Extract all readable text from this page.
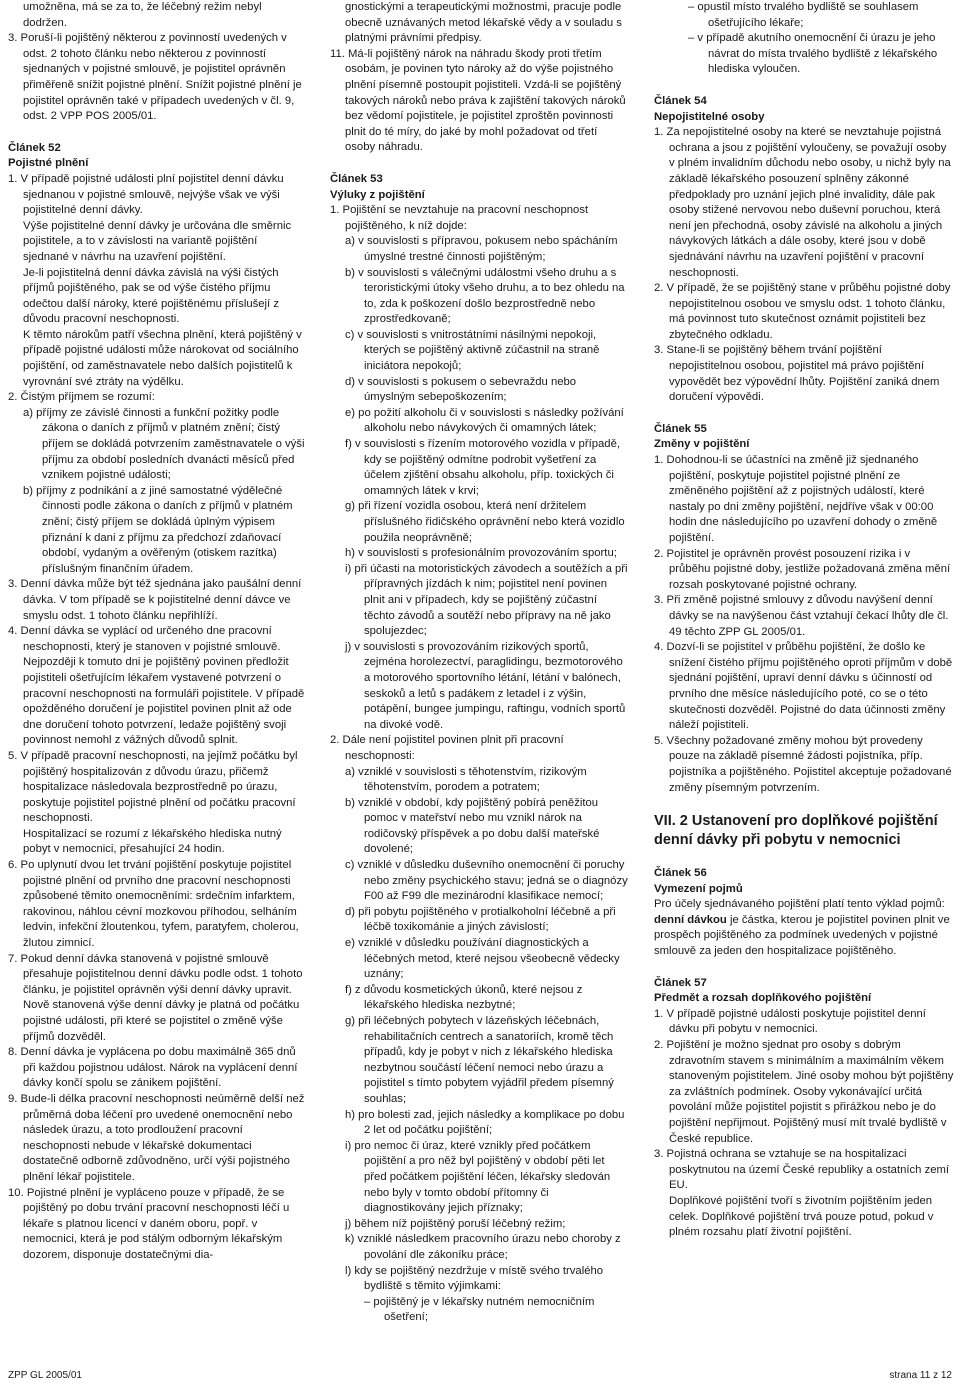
umožněna, má se za to, že léčebný režim nebyl dodržen.

3. Poruší-li pojištěný některou z povinností uvedených v odst. 2 tohoto článku nebo některou z povinností sjednaných v pojistné smlouvě, je pojistitel oprávněn přiměřeně snížit pojistné plnění. Snížit pojistné plnění je pojistitel oprávněn také v případech uvedených v čl. 9, odst. 2 VPP POS 2005/01.

Článek 52
Pojistné plnění

1. V případě pojistné události plní pojistitel denní dávku sjednanou v pojistné smlouvě, nejvýše však ve výši pojistitelné denní dávky.

Výše pojistitelné denní dávky je určována dle směrnic pojistitele, a to v závislosti na variantě pojištění sjednané v návrhu na uzavření pojištění.

Je-li pojistitelná denní dávka závislá na výši čistých příjmů pojištěného, pak se od výše čistého příjmu odečtou další nároky, které pojištěnému příslušejí z důvodu pracovní neschopnosti.

K těmto nárokům patří všechna plnění, která pojištěný v případě pojistné události může nárokovat od sociálního pojištění, od zaměstnavatele nebo dalších pojistitelů k vyrovnání své ztráty na výdělku.

2. Čistým příjmem se rozumí:

a) příjmy ze závislé činnosti a funkční požitky podle zákona o daních z příjmů v platném znění; čistý příjem se dokládá potvrzením zaměstnavatele o výši příjmu za období posledních dvanácti měsíců před vznikem pojistné události;

b) příjmy z podnikání a z jiné samostatné výdělečné činnosti podle zákona o daních z příjmů v platném znění; čistý příjem se dokládá úplným výpisem přiznání k dani z příjmu za předchozí zdaňovací období, vydaným a ověřeným (otiskem razítka) příslušným finančním úřadem.

3. Denní dávka může být též sjednána jako paušální denní dávka. V tom případě se k pojistitelné denní dávce ve smyslu odst. 1 tohoto článku nepřihlíží.

4. Denní dávka se vyplácí od určeného dne pracovní neschopnosti, který je stanoven v pojistné smlouvě. Nejpozději k tomuto dni je pojištěný povinen předložit pojistiteli ošetřujícím lékařem vystavené potvrzení o pracovní neschopnosti na formuláři pojistitele. V případě opožděného doručení je pojistitel povinen plnit až ode dne doručení tohoto potvrzení, ledaže pojištěný svoji povinnost nemohl z vážných důvodů splnit.

5. V případě pracovní neschopnosti, na jejímž počátku byl pojištěný hospitalizován z důvodu úrazu, přičemž hospitalizace následovala bezprostředně po úrazu, poskytuje pojistitel pojistné plnění od počátku pracovní neschopnosti.

Hospitalizací se rozumí z lékařského hlediska nutný pobyt v nemocnici, přesahující 24 hodin.

6. Po uplynutí dvou let trvání pojištění poskytuje pojistitel pojistné plnění od prvního dne pracovní neschopnosti způsobené těmito onemocněními: srdečním infarktem, rakovinou, náhlou cévní mozkovou příhodou, selháním ledvin, infekční žloutenkou, tyfem, paratyfem, cholerou, žlutou zimnicí.

7. Pokud denní dávka stanovená v pojistné smlouvě přesahuje pojistitelnou denní dávku podle odst. 1 tohoto článku, je pojistitel oprávněn výši denní dávky upravit. Nově stanovená výše denní dávky je platná od počátku pojistné události, při které se pojistitel o změně výše příjmů dozvěděl.

8. Denní dávka je vyplácena po dobu maximálně 365 dnů při každou pojistnou událost. Nárok na vyplácení denní dávky končí spolu se zánikem pojištění.

9. Bude-li délka pracovní neschopnosti neúměrně delší než průměrná doba léčení pro uvedené onemocnění nebo následek úrazu, a toto prodloužení pracovní neschopnosti nebude v lékařské dokumentaci dostatečně odborně zdůvodněno, určí výši pojistného plnění lékař pojistitele.

10. Pojistné plnění je vypláceno pouze v případě, že se pojištěný po dobu trvání pracovní neschopnosti léčí u lékaře s platnou licencí v daném oboru, popř. v nemocnici, která je pod stálým odborným lékařským dozorem, disponuje dostatečnými dia-

gnostickými a terapeutickými možnostmi, pracuje podle obecně uznávaných metod lékařské vědy a v souladu s platnými právními předpisy.

11. Má-li pojištěný nárok na náhradu škody proti třetím osobám, je povinen tyto nároky až do výše pojistného plnění písemně postoupit pojistiteli. Vzdá-li se pojištěný takových nároků nebo práva k zajištění takových nároků bez vědomí pojistitele, je pojistitel zproštěn povinnosti plnit do té míry, do jaké by mohl požadovat od třetí osoby náhradu.

Článek 53
Výluky z pojištění

1. Pojištění se nevztahuje na pracovní neschopnost pojištěného, k níž dojde:

a) v souvislosti s přípravou, pokusem nebo spácháním úmyslné trestné činnosti pojištěným;

b) v souvislosti s válečnými událostmi všeho druhu a s teroristickými útoky všeho druhu, a to bez ohledu na to, zda k poškození došlo bezprostředně nebo zprostředkovaně;

c) v souvislosti s vnitrostátními násilnými nepokoji, kterých se pojištěný aktivně zúčastnil na straně iniciátora nepokojů;

d) v souvislosti s pokusem o sebevraždu nebo úmyslným sebepoškozením;

e) po požití alkoholu či v souvislosti s následky požívání alkoholu nebo návykových či omamných látek;

f) v souvislosti s řízením motorového vozidla v případě, kdy se pojištěný odmítne podrobit vyšetření za účelem zjištění obsahu alkoholu, příp. toxických či omamných látek v krvi;

g) při řízení vozidla osobou, která není držitelem příslušného řidičského oprávnění nebo která vozidlo použila neoprávněně;

h) v souvislosti s profesionálním provozováním sportu;

i) při účasti na motoristických závodech a soutěžích a při přípravných jízdách k nim; pojistitel není povinen plnit ani v případech, kdy se pojištěný zúčastní těchto závodů a soutěží nebo přípravy na ně jako spolujezdec;

j) v souvislosti s provozováním rizikových sportů, zejména horolezectví, paraglidingu, bezmotorového a motorového sportovního létání, létání v balónech, seskoků a letů s padákem z letadel i z výšin, potápění, bungee jumpingu, raftingu, vodních sportů na divoké vodě.

2. Dále není pojistitel povinen plnit při pracovní neschopnosti:

a) vzniklé v souvislosti s těhotenstvím, rizikovým těhotenstvím, porodem a potratem;

b) vzniklé v období, kdy pojištěný pobírá peněžitou pomoc v mateřství nebo mu vznikl nárok na rodičovský příspěvek a po dobu další mateřské dovolené;

c) vzniklé v důsledku duševního onemocnění či poruchy nebo změny psychického stavu; jedná se o diagnózy F00 až F99 dle mezinárodní klasifikace nemocí;

d) při pobytu pojištěného v protialkoholní léčebně a při léčbě toxikománie a jiných závislostí;

e) vzniklé v důsledku používání diagnostických a léčebných metod, které nejsou všeobecně vědecky uznány;

f) z důvodu kosmetických úkonů, které nejsou z lékařského hlediska nezbytné;

g) při léčebných pobytech v lázeňských léčebnách, rehabilitačních centrech a sanatoriích, kromě těch případů, kdy je pobyt v nich z lékařského hlediska nezbytnou součástí léčení nemoci nebo úrazu a pojistitel s tímto pobytem vyjádřil předem písemný souhlas;

h) pro bolesti zad, jejich následky a komplikace po dobu 2 let od počátku pojištění;

i) pro nemoc či úraz, které vznikly před počátkem pojištění a pro něž byl pojištěný v období pěti let před počátkem pojištění léčen, lékařsky sledován nebo byly v tomto období přítomny či diagnostikovány jejich příznaky;

j) během níž pojištěný poruší léčebný režim;

k) vzniklé následkem pracovního úrazu nebo choroby z povolání dle zákoníku práce;

l) kdy se pojištěný nezdržuje v místě svého trvalého bydliště s těmito výjimkami:

– pojištěný je v lékařsky nutném nemocničním ošetření;

– opustil místo trvalého bydliště se souhlasem ošetřujícího lékaře;

– v případě akutního onemocnění či úrazu je jeho návrat do místa trvalého bydliště z lékařského hlediska vyloučen.

Článek 54
Nepojistitelné osoby

1. Za nepojistitelné osoby na které se nevztahuje pojistná ochrana a jsou z pojištění vyloučeny, se považují osoby v plném invalidním důchodu nebo osoby, u nichž byly na základě lékařského posouzení splněny zákonné předpoklady pro uznání jejich plné invalidity, dále pak osoby stižené nervovou nebo duševní poruchou, která není jen přechodná, osoby závislé na alkoholu a jiných návykových látkách a dále osoby, které jsou v době sjednávání návrhu na uzavření pojištění v pracovní neschopnosti.

2. V případě, že se pojištěný stane v průběhu pojistné doby nepojistitelnou osobou ve smyslu odst. 1 tohoto článku, má povinnost tuto skutečnost oznámit pojistiteli bez zbytečného odkladu.

3. Stane-li se pojištěný během trvání pojištění nepojistitelnou osobou, pojistitel má právo pojištění vypovědět bez výpovědní lhůty. Pojištění zaniká dnem doručení výpovědi.

Článek 55
Změny v pojištění

1. Dohodnou-li se účastníci na změně již sjednaného pojištění, poskytuje pojistitel pojistné plnění ze změněného pojištění až z pojistných událostí, které nastaly po dni změny pojištění, nejdříve však v 00:00 hodin dne následujícího po uzavření dohody o změně pojištění.

2. Pojistitel je oprávněn provést posouzení rizika i v průběhu pojistné doby, jestliže požadovaná změna mění rozsah poskytované pojistné ochrany.

3. Při změně pojistné smlouvy z důvodu navýšení denní dávky se na navýšenou část vztahují čekací lhůty dle čl. 49 těchto ZPP GL 2005/01.

4. Dozví-li se pojistitel v průběhu pojištění, že došlo ke snížení čistého příjmu pojištěného oproti příjmům v době sjednání pojištění, upraví denní dávku s účinností od prvního dne měsíce následujícího poté, co se o této skutečnosti dozvěděl. Pojistné do data účinnosti změny náleží pojistiteli.

5. Všechny požadované změny mohou být provedeny pouze na základě písemné žádosti pojistníka, příp. pojistníka a pojištěného. Pojistitel akceptuje požadované změny písemným potvrzením.

VII. 2 Ustanovení pro doplňkové pojištění denní dávky při pobytu v nemocnici
Článek 56
Vymezení pojmů
Pro účely sjednávaného pojištění platí tento výklad pojmů: denní dávkou je částka, kterou je pojistitel povinen plnit ve prospěch pojištěného za podmínek uvedených v pojistné smlouvě za jeden den hospitalizace pojištěného.
Článek 57
Předmět a rozsah doplňkového pojištění

1. V případě pojistné události poskytuje pojistitel denní dávku při pobytu v nemocnici.

2. Pojištění je možno sjednat pro osoby s dobrým zdravotním stavem s minimálním a maximálním věkem stanoveným pojistitelem. Jiné osoby mohou být pojištěny za zvláštních podmínek. Osoby vykonávající určitá povolání může pojistitel pojistit s přirážkou nebo je do pojištění nepřijmout. Pojištěný musí mít trvalé bydliště v České republice.

3. Pojistná ochrana se vztahuje se na hospitalizaci poskytnutou na území České republiky a ostatních zemí EU.

Doplňkové pojištění tvoří s životním pojištěním jeden celek. Doplňkové pojištění trvá pouze potud, pokud v plném rozsahu platí životní pojištění.

ZPP GL 2005/01	strana 11 z 12
